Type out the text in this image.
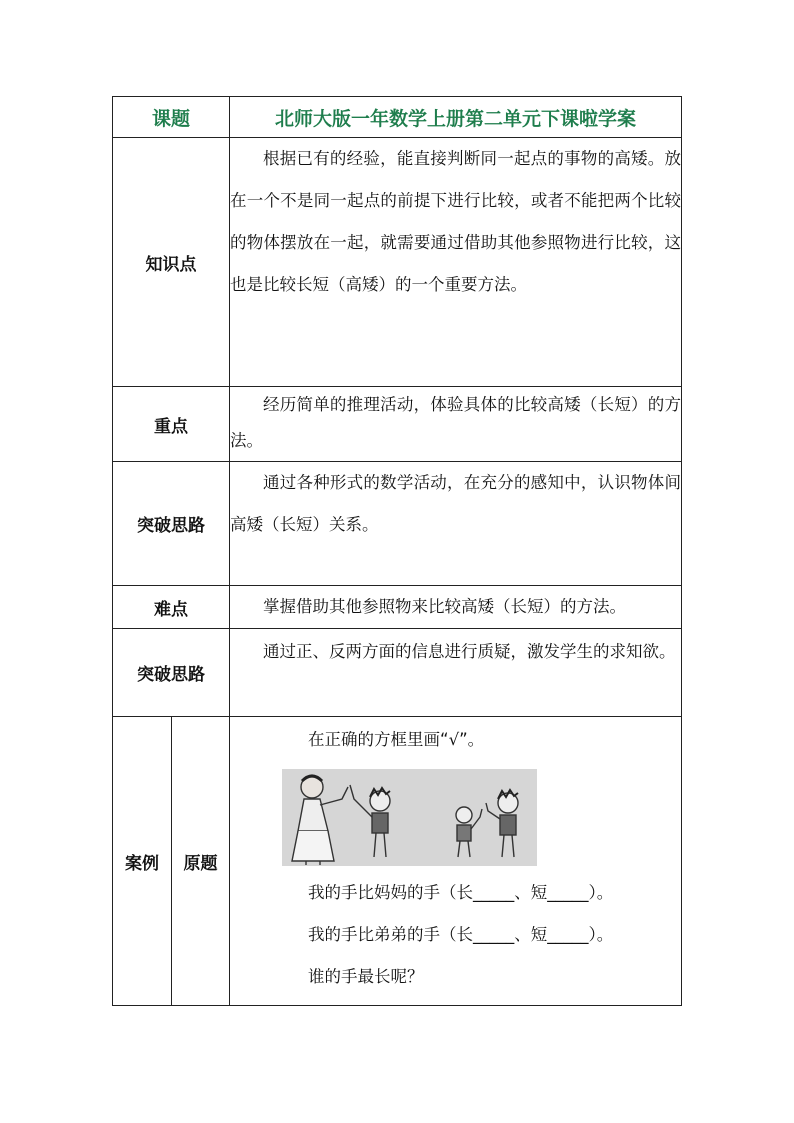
课题		北师大版一年数学上册第二单元下课啦学案
知识点		根据已有的经验，能直接判断同一起点的事物的高矮。放在一个不是同一起点的前提下进行比较，或者不能把两个比较的物体摆放在一起，就需要通过借助其他参照物进行比较，这也是比较长短（高矮）的一个重要方法。

重点		经历简单的推理活动，体验具体的比较高矮（长短）的方法。

突破思路		通过各种形式的数学活动，在充分的感知中，认识物体间高矮（长短）关系。

难点		掌握借助其他参照物来比较高矮（长短）的方法。

突破思路		通过正、反两方面的信息进行质疑，激发学生的求知欲。

案例	原题	在正确的方框里画“√”。

我的手比妈妈的手（长_____、短_____）。

我的手比弟弟的手（长_____、短_____）。

谁的手最长呢？
